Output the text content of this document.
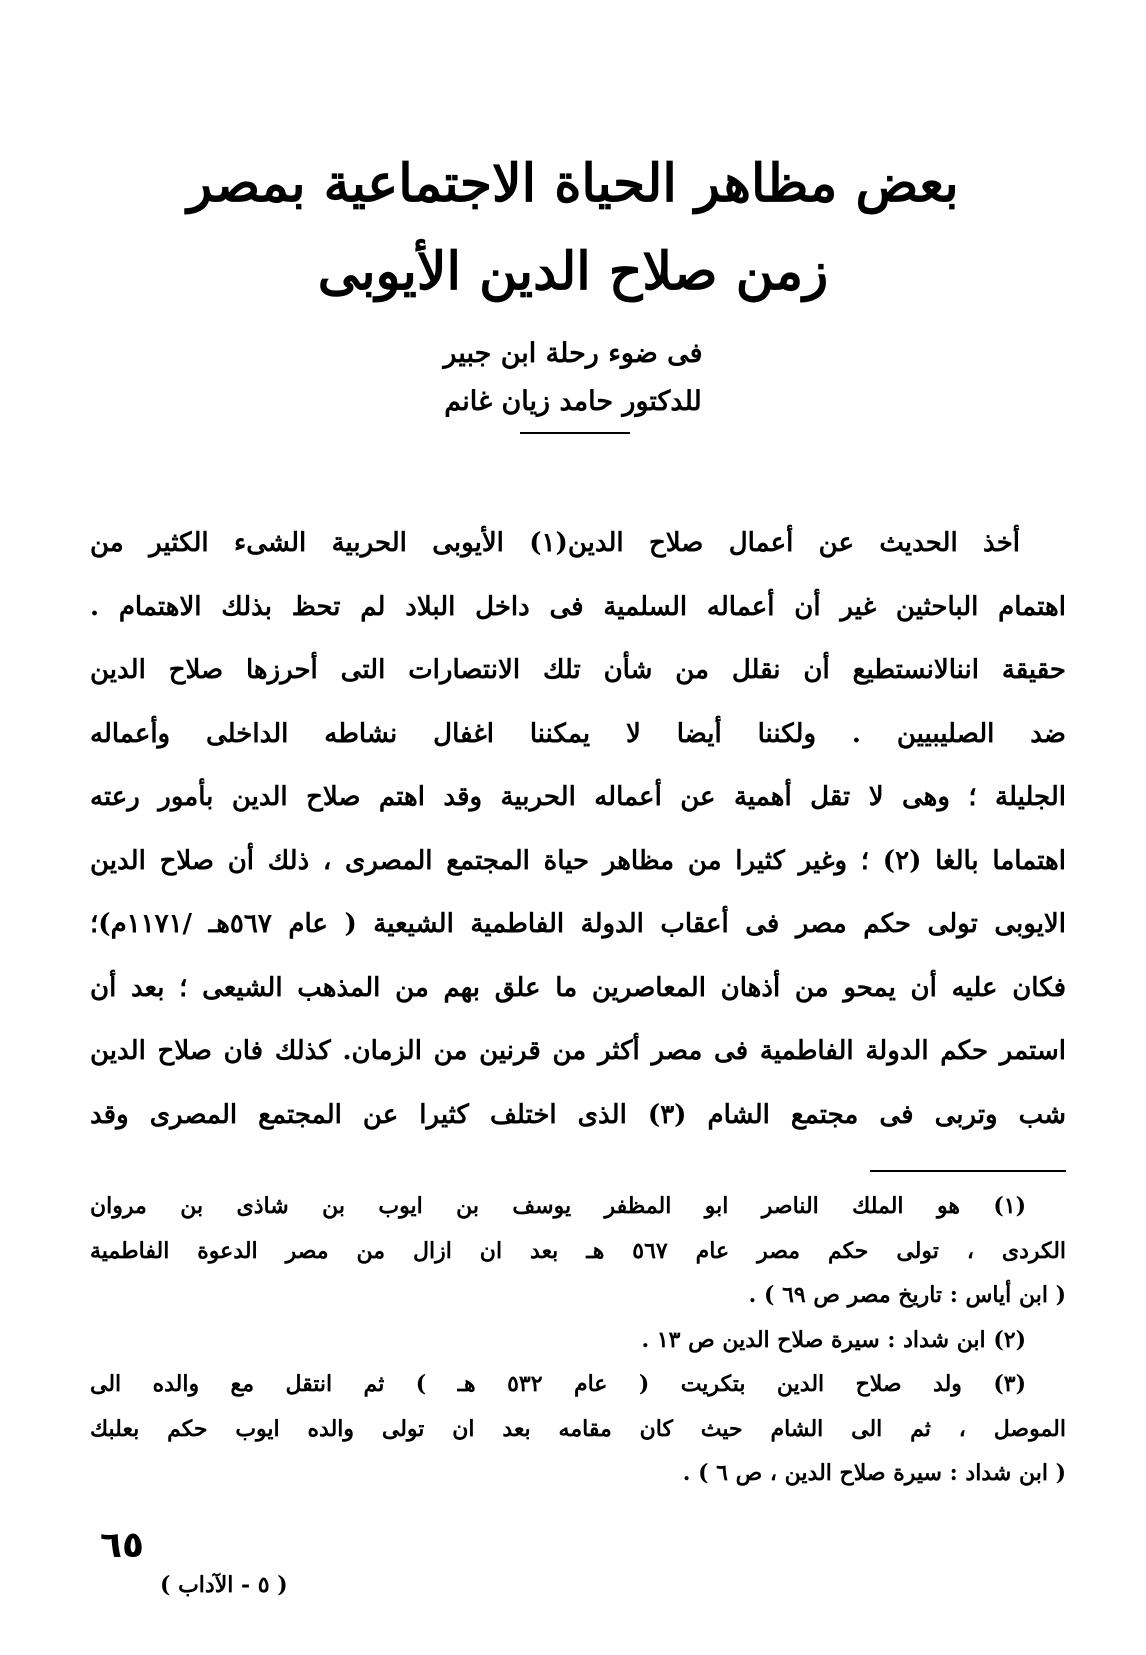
بعض مظاهر الحياة الاجتماعية بمصر
زمن صلاح الدين الأيوبى
فى ضوء رحلة ابن جبير
للدكتور حامد زيان غانم
أخذ الحديث عن أعمال صلاح الدين(١) الأيوبى الحربية الشىء الكثير من
اهتمام الباحثين غير أن أعماله السلمية فى داخل البلاد لم تحظ بذلك الاهتمام .
حقيقة اننالانستطيع أن نقلل من شأن تلك الانتصارات التى أحرزها صلاح الدين
ضد الصليبيين . ولكننا أيضا لا يمكننا اغفال نشاطه الداخلى وأعماله
الجليلة ؛ وهى لا تقل أهمية عن أعماله الحربية وقد اهتم صلاح الدين بأمور رعته
اهتماما بالغا (٢) ؛ وغير كثيرا من مظاهر حياة المجتمع المصرى ، ذلك أن صلاح الدين
الايوبى تولى حكم مصر فى أعقاب الدولة الفاطمية الشيعية ( عام ٥٦٧هـ /١١٧١م)؛
فكان عليه أن يمحو من أذهان المعاصرين ما علق بهم من المذهب الشيعى ؛ بعد أن
استمر حكم الدولة الفاطمية فى مصر أكثر من قرنين من الزمان. كذلك فان صلاح الدين
شب وتربى فى مجتمع الشام (٣) الذى اختلف كثيرا عن المجتمع المصرى وقد
(١) هو الملك الناصر ابو المظفر يوسف بن ايوب بن شاذى بن مروان
الكردى ، تولى حكم مصر عام ٥٦٧ هـ بعد ان ازال من مصر الدعوة الفاطمية
( ابن أياس : تاريخ مصر ص ٦٩ ) .
(٢) ابن شداد : سيرة صلاح الدين ص ١٣ .
(٣) ولد صلاح الدين بتكريت ( عام ٥٣٢ هـ ) ثم انتقل مع والده الى
الموصل ، ثم الى الشام حيث كان مقامه بعد ان تولى والده ايوب حكم بعلبك
( ابن شداد : سيرة صلاح الدين ، ص ٦ ) .
٦٥
( ٥ - الآداب )
